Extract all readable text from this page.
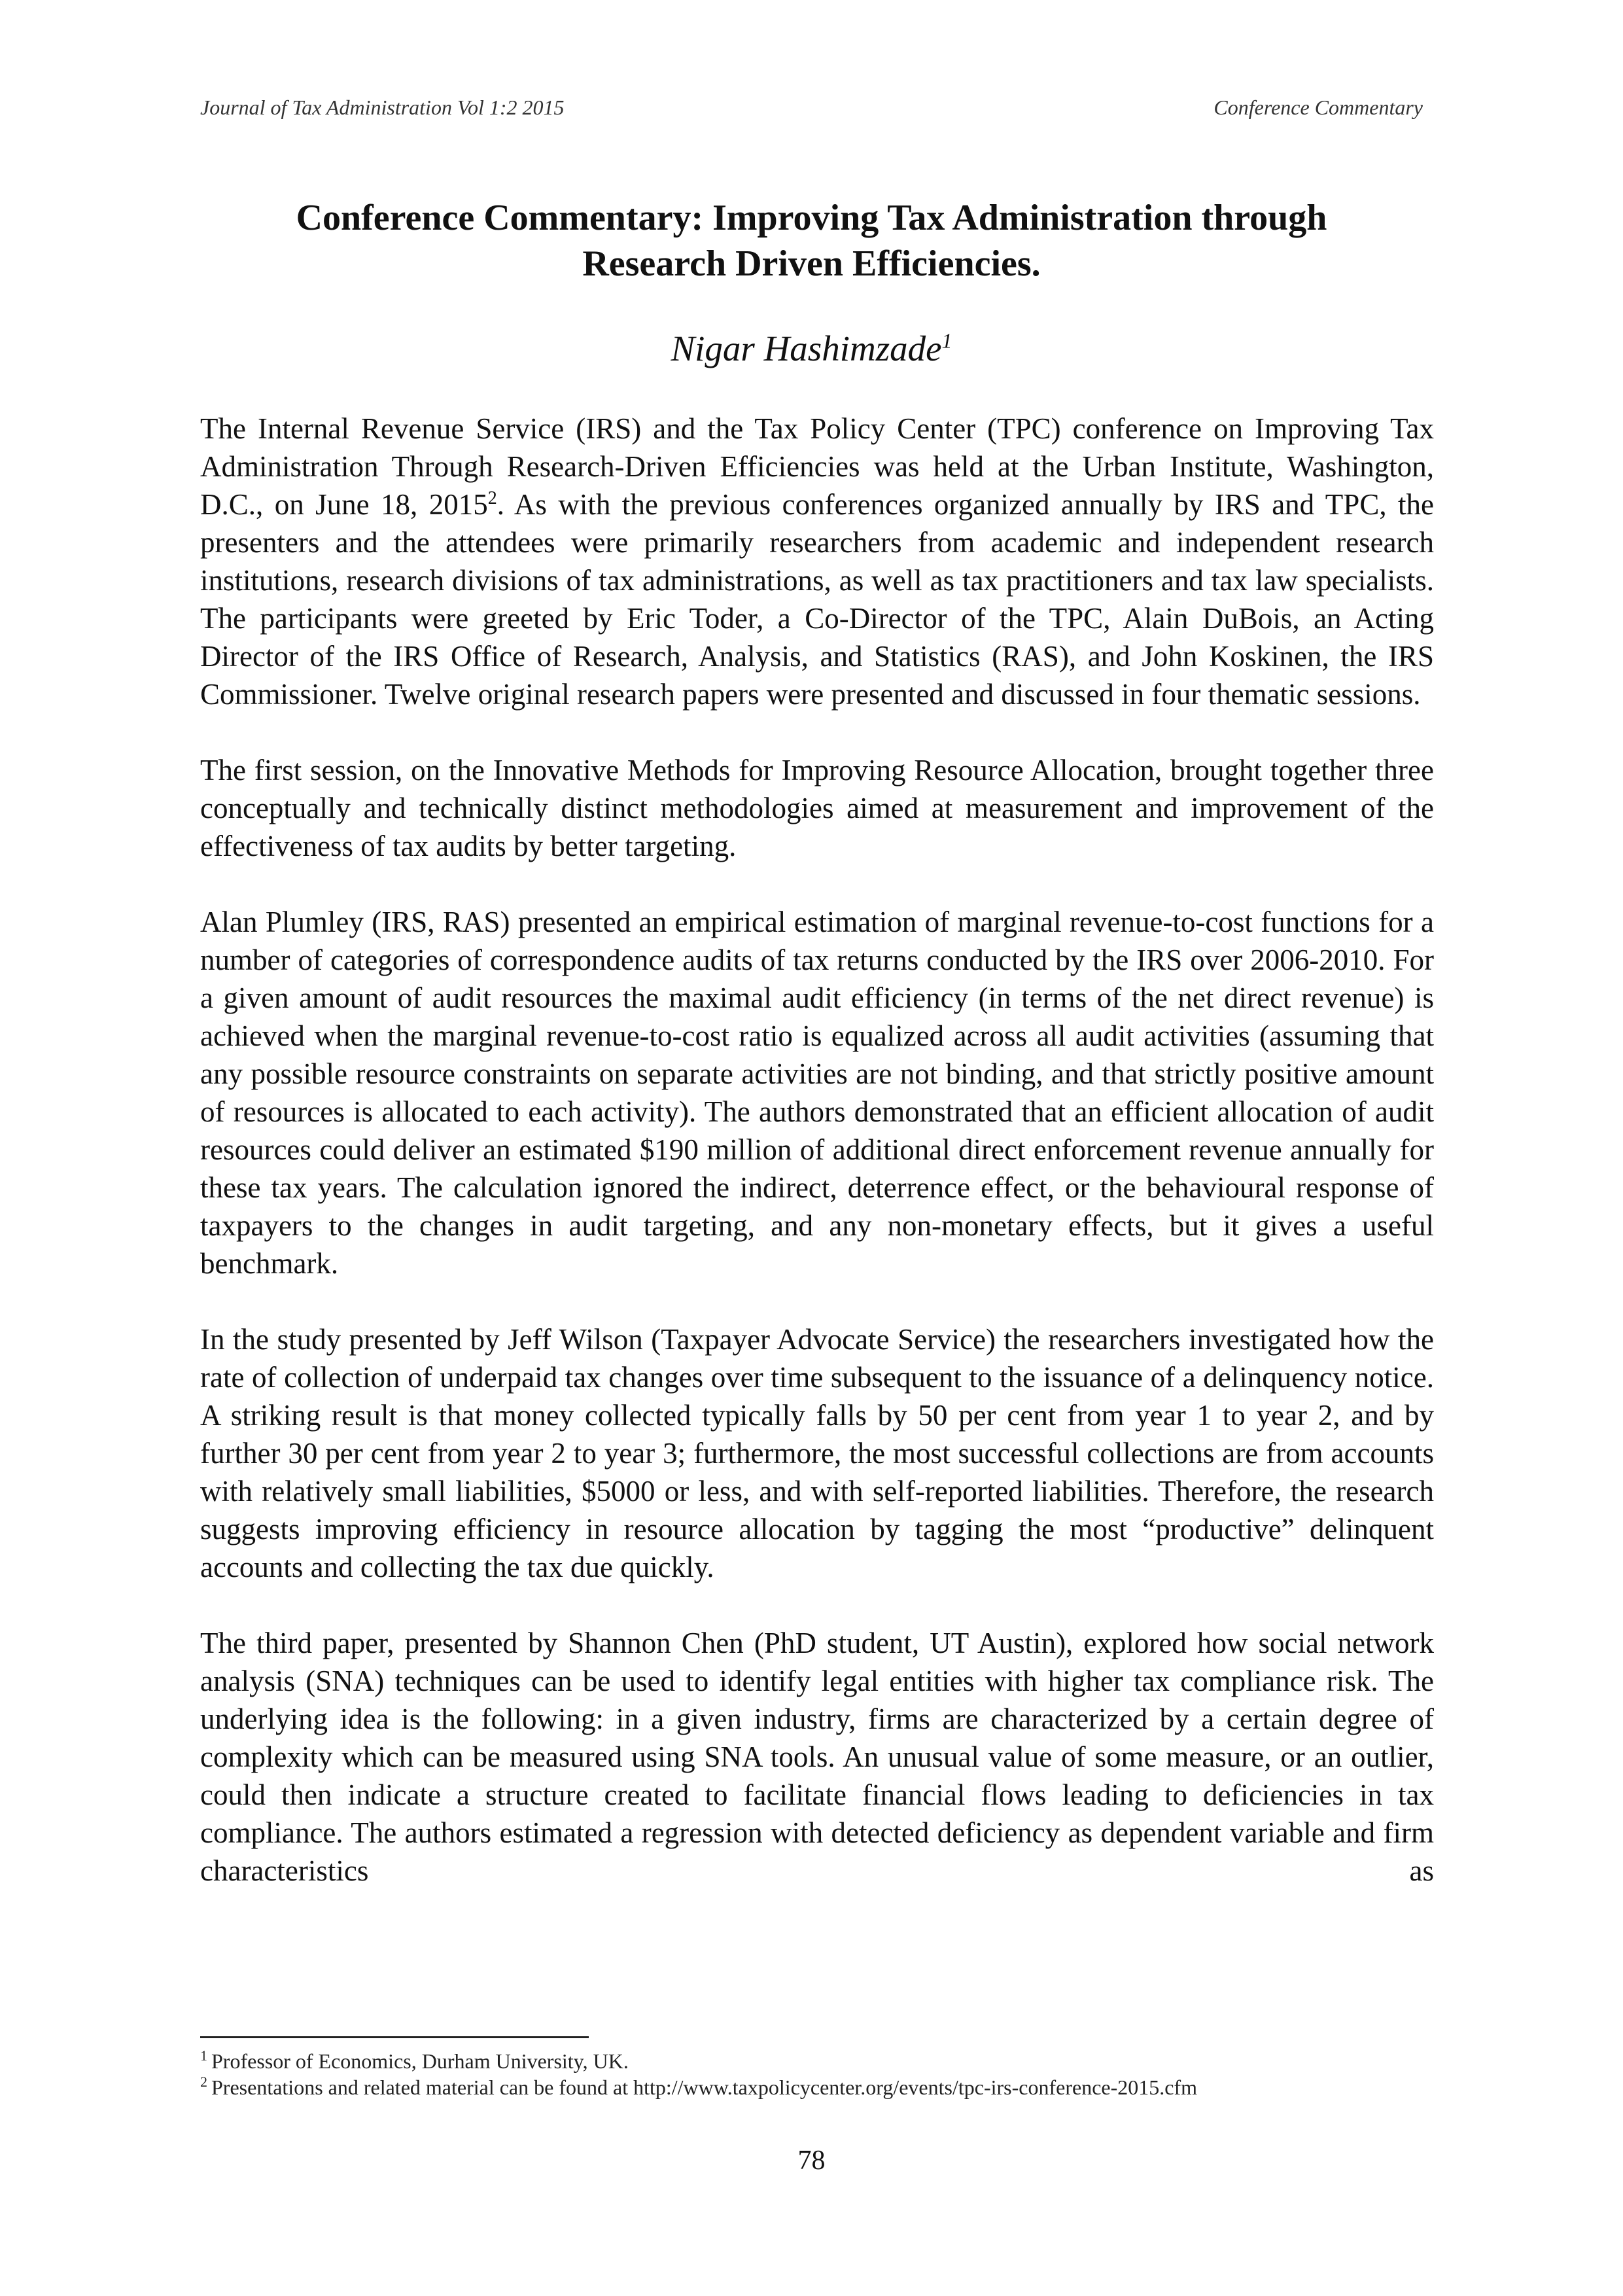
Journal of Tax Administration Vol 1:2 2015	Conference Commentary
Conference Commentary: Improving Tax Administration through
Research Driven Efficiencies.
Nigar Hashimzade$^1$

The Internal Revenue Service (IRS) and the Tax Policy Center (TPC) conference on Improving Tax Administration Through Research-Driven Efficiencies was held at the Urban Institute, Washington, D.C., on June 18, 2015$^2$. As with the previous conferences organized annually by IRS and TPC, the presenters and the attendees were primarily researchers from academic and independent research institutions, research divisions of tax administrations, as well as tax practitioners and tax law specialists. The participants were greeted by Eric Toder, a Co-Director of the TPC, Alain DuBois, an Acting Director of the IRS Office of Research, Analysis, and Statistics (RAS), and John Koskinen, the IRS Commissioner. Twelve original research papers were presented and discussed in four thematic sessions.

The first session, on the Innovative Methods for Improving Resource Allocation, brought together three conceptually and technically distinct methodologies aimed at measurement and improvement of the effectiveness of tax audits by better targeting.

Alan Plumley (IRS, RAS) presented an empirical estimation of marginal revenue-to-cost functions for a number of categories of correspondence audits of tax returns conducted by the IRS over 2006-2010. For a given amount of audit resources the maximal audit efficiency (in terms of the net direct revenue) is achieved when the marginal revenue-to-cost ratio is equalized across all audit activities (assuming that any possible resource constraints on separate activities are not binding, and that strictly positive amount of resources is allocated to each activity). The authors demonstrated that an efficient allocation of audit resources could deliver an estimated $190 million of additional direct enforcement revenue annually for these tax years. The calculation ignored the indirect, deterrence effect, or the behavioural response of taxpayers to the changes in audit targeting, and any non-monetary effects, but it gives a useful benchmark.

In the study presented by Jeff Wilson (Taxpayer Advocate Service) the researchers investigated how the rate of collection of underpaid tax changes over time subsequent to the issuance of a delinquency notice. A striking result is that money collected typically falls by 50 per cent from year 1 to year 2, and by further 30 per cent from year 2 to year 3; furthermore, the most successful collections are from accounts with relatively small liabilities, $5000 or less, and with self-reported liabilities. Therefore, the research suggests improving efficiency in resource allocation by tagging the most “productive” delinquent accounts and collecting the tax due quickly.

The third paper, presented by Shannon Chen (PhD student, UT Austin), explored how social network analysis (SNA) techniques can be used to identify legal entities with higher tax compliance risk. The underlying idea is the following: in a given industry, firms are characterized by a certain degree of complexity which can be measured using SNA tools. An unusual value of some measure, or an outlier, could then indicate a structure created to facilitate financial flows leading to deficiencies in tax compliance. The authors estimated a regression with detected deficiency as dependent variable and firm characteristics as

$^1$ Professor of Economics, Durham University, UK.
$^2$ Presentations and related material can be found at http://www.taxpolicycenter.org/events/tpc-irs-conference-2015.cfm
78
